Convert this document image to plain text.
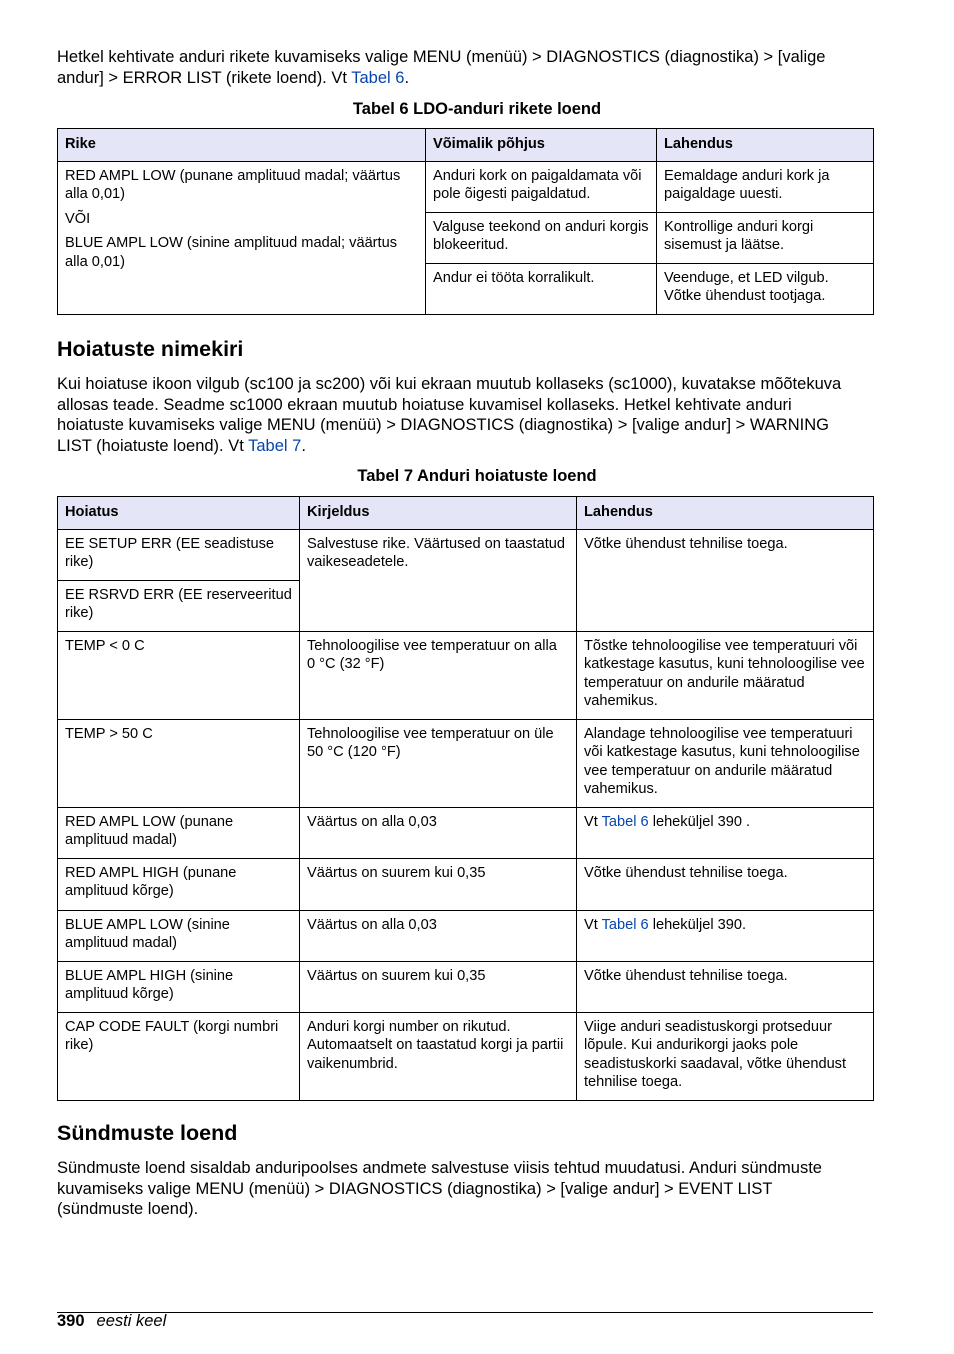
Hetkel kehtivate anduri rikete kuvamiseks valige MENU (menüü) > DIAGNOSTICS (diagnostika) > [valige andur] > ERROR LIST (rikete loend). Vt Tabel 6.

Tabel 6 LDO-anduri rikete loend

Rike	Võimalik põhjus	Lahendus

RED AMPL LOW (punane amplituud madal; väärtus alla 0,01)

VÕI

BLUE AMPL LOW (sinine amplituud madal; väärtus alla 0,01)	Anduri kork on paigaldamata või pole õigesti paigaldatud.	Eemaldage anduri kork ja paigaldage uuesti.
	Valguse teekond on anduri korgis blokeeritud.	Kontrollige anduri korgi sisemust ja läätse.
	Andur ei tööta korralikult.	Veenduge, et LED vilgub. Võtke ühendust tootjaga.
Hoiatuste nimekiri

Kui hoiatuse ikoon vilgub (sc100 ja sc200) või kui ekraan muutub kollaseks (sc1000), kuvatakse mõõtekuva allosas teade. Seadme sc1000 ekraan muutub hoiatuse kuvamisel kollaseks. Hetkel kehtivate anduri hoiatuste kuvamiseks valige MENU (menüü) > DIAGNOSTICS (diagnostika) > [valige andur] > WARNING LIST (hoiatuste loend). Vt Tabel 7.

Tabel 7 Anduri hoiatuste loend

Hoiatus	Kirjeldus	Lahendus
EE SETUP ERR (EE seadistuse rike)	Salvestuse rike. Väärtused on taastatud vaikeseadetele.	Võtke ühendust tehnilise toega.
EE RSRVD ERR (EE reserveeritud rike)		
TEMP < 0 C	Tehnoloogilise vee temperatuur on alla 0 °C (32 °F)	Tõstke tehnoloogilise vee temperatuuri või katkestage kasutus, kuni tehnoloogilise vee temperatuur on andurile määratud vahemikus.
TEMP > 50 C	Tehnoloogilise vee temperatuur on üle 50 °C (120 °F)	Alandage tehnoloogilise vee temperatuuri või katkestage kasutus, kuni tehnoloogilise vee temperatuur on andurile määratud vahemikus.
RED AMPL LOW (punane amplituud madal)	Väärtus on alla 0,03	Vt Tabel 6 leheküljel 390 .
RED AMPL HIGH (punane amplituud kõrge)	Väärtus on suurem kui 0,35	Võtke ühendust tehnilise toega.
BLUE AMPL LOW (sinine amplituud madal)	Väärtus on alla 0,03	Vt Tabel 6 leheküljel 390.
BLUE AMPL HIGH (sinine amplituud kõrge)	Väärtus on suurem kui 0,35	Võtke ühendust tehnilise toega.
CAP CODE FAULT (korgi numbri rike)	Anduri korgi number on rikutud. Automaatselt on taastatud korgi ja partii vaikenumbrid.	Viige anduri seadistuskorgi protseduur lõpule. Kui andurikorgi jaoks pole seadistuskorki saadaval, võtke ühendust tehnilise toega.
Sündmuste loend

Sündmuste loend sisaldab anduripoolses andmete salvestuse viisis tehtud muudatusi. Anduri sündmuste kuvamiseks valige MENU (menüü) > DIAGNOSTICS (diagnostika) > [valige andur] > EVENT LIST (sündmuste loend).

390 eesti keel
